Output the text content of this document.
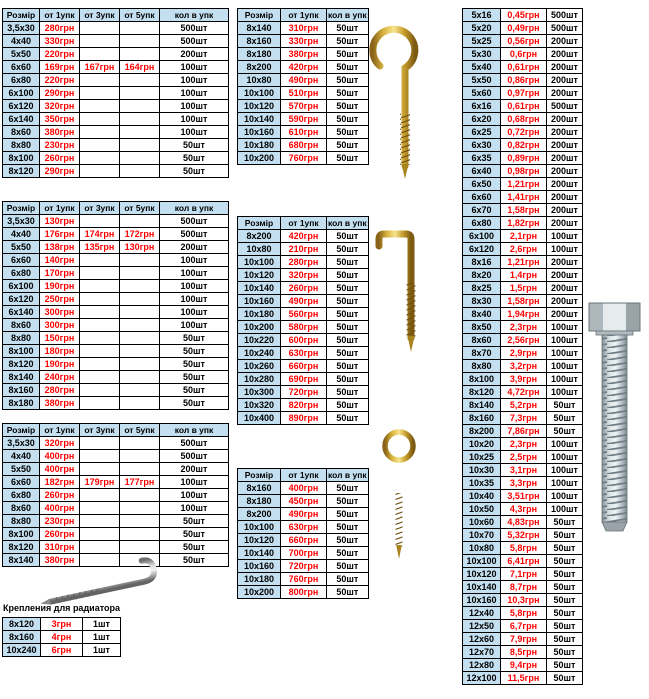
Розмір	от 1упк	от 3упк	от 5упк	кол в упк
3,5х30	280грн			500шт
4х40	330грн			500шт
5х50	220грн			200шт
6х60	169грн	167грн	164грн	100шт
6х80	220грн			100шт
6х100	290грн			100шт
6х120	320грн			100шт
6х140	350грн			100шт
8х60	380грн			100шт
8х80	230грн			50шт
8х100	260грн			50шт
8х120	290грн			50шт
Розмір	от 1упк	от 3упк	от 5упк	кол в упк
3,5х30	130грн			500шт
4х40	176грн	174грн	172грн	500шт
5х50	138грн	135грн	130грн	200шт
6х60	140грн			100шт
6х80	170грн			100шт
6х100	190грн			100шт
6х120	250грн			100шт
6х140	300грн			100шт
8х60	300грн			100шт
8х80	150грн			50шт
8х100	180грн			50шт
8х120	190грн			50шт
8х140	240грн			50шт
8х160	280грн			50шт
8х180	380грн			50шт
Розмір	от 1упк	от 3упк	от 5упк	кол в упк
3,5х30	320грн			500шт
4х40	400грн			500шт
5х50	400грн			200шт
6х60	182грн	179грн	177грн	100шт
6х80	260грн			100шт
8х60	400грн			100шт
8х80	230грн			50шт
8х100	260грн			50шт
8х120	310грн			50шт
8х140	380грн			50шт
Крепления для радиатора
8х120	3грн	1шт
8х160	4грн	1шт
10х240	6грн	1шт
Розмір	от 1упк	кол в упк
8х140	310грн	50шт
8х160	330грн	50шт
8х180	380грн	50шт
8х200	420грн	50шт
10х80	490грн	50шт
10х100	510грн	50шт
10х120	570грн	50шт
10х140	590грн	50шт
10х160	610грн	50шт
10х180	680грн	50шт
10х200	760грн	50шт
Розмір	от 1упк	кол в упк
8х200	420грн	50шт
10х80	210грн	50шт
10х100	280грн	50шт
10х120	320грн	50шт
10х140	260грн	50шт
10х160	490грн	50шт
10х180	560грн	50шт
10х200	580грн	50шт
10х220	600грн	50шт
10х240	630грн	50шт
10х260	660грн	50шт
10х280	690грн	50шт
10х300	720грн	50шт
10х320	820грн	50шт
10х400	890грн	50шт
Розмір	от 1упк	кол в упк
8х160	400грн	50шт
8х180	450грн	50шт
8х200	490грн	50шт
10х100	630грн	50шт
10х120	660грн	50шт
10х140	700грн	50шт
10х160	720грн	50шт
10х180	760грн	50шт
10х200	800грн	50шт
5х16	0,45грн	500шт
5х20	0,49грн	500шт
5х25	0,56грн	200шт
5х30	0,6грн	200шт
5х40	0,61грн	200шт
5х50	0,86грн	200шт
5х60	0,97грн	200шт
6х16	0,61грн	500шт
6х20	0,68грн	200шт
6х25	0,72грн	200шт
6х30	0,82грн	200шт
6х35	0,89грн	200шт
6х40	0,98грн	200шт
6х50	1,21грн	200шт
6х60	1,41грн	200шт
6х70	1,58грн	200шт
6х80	1,82грн	200шт
6х100	2,1грн	100шт
6х120	2,6грн	100шт
8х16	1,21грн	200шт
8х20	1,4грн	200шт
8х25	1,5грн	200шт
8х30	1,58грн	200шт
8х40	1,94грн	200шт
8х50	2,3грн	100шт
8х60	2,56грн	100шт
8х70	2,9грн	100шт
8х80	3,2грн	100шт
8х100	3,9грн	100шт
8х120	4,72грн	100шт
8х140	5,2грн	50шт
8х160	7,3грн	50шт
8х200	7,86грн	50шт
10х20	2,3грн	100шт
10х25	2,5грн	100шт
10х30	3,1грн	100шт
10х35	3,3грн	100шт
10х40	3,51грн	100шт
10х50	4,3грн	100шт
10х60	4,83грн	50шт
10х70	5,32грн	50шт
10х80	5,8грн	50шт
10х100	6,41грн	50шт
10х120	7,1грн	50шт
10х140	8,7грн	50шт
10х160	10,3грн	50шт
12х40	5,8грн	50шт
12х50	6,7грн	50шт
12х60	7,9грн	50шт
12х70	8,5грн	50шт
12х80	9,4грн	50шт
12х100	11,5грн	50шт
